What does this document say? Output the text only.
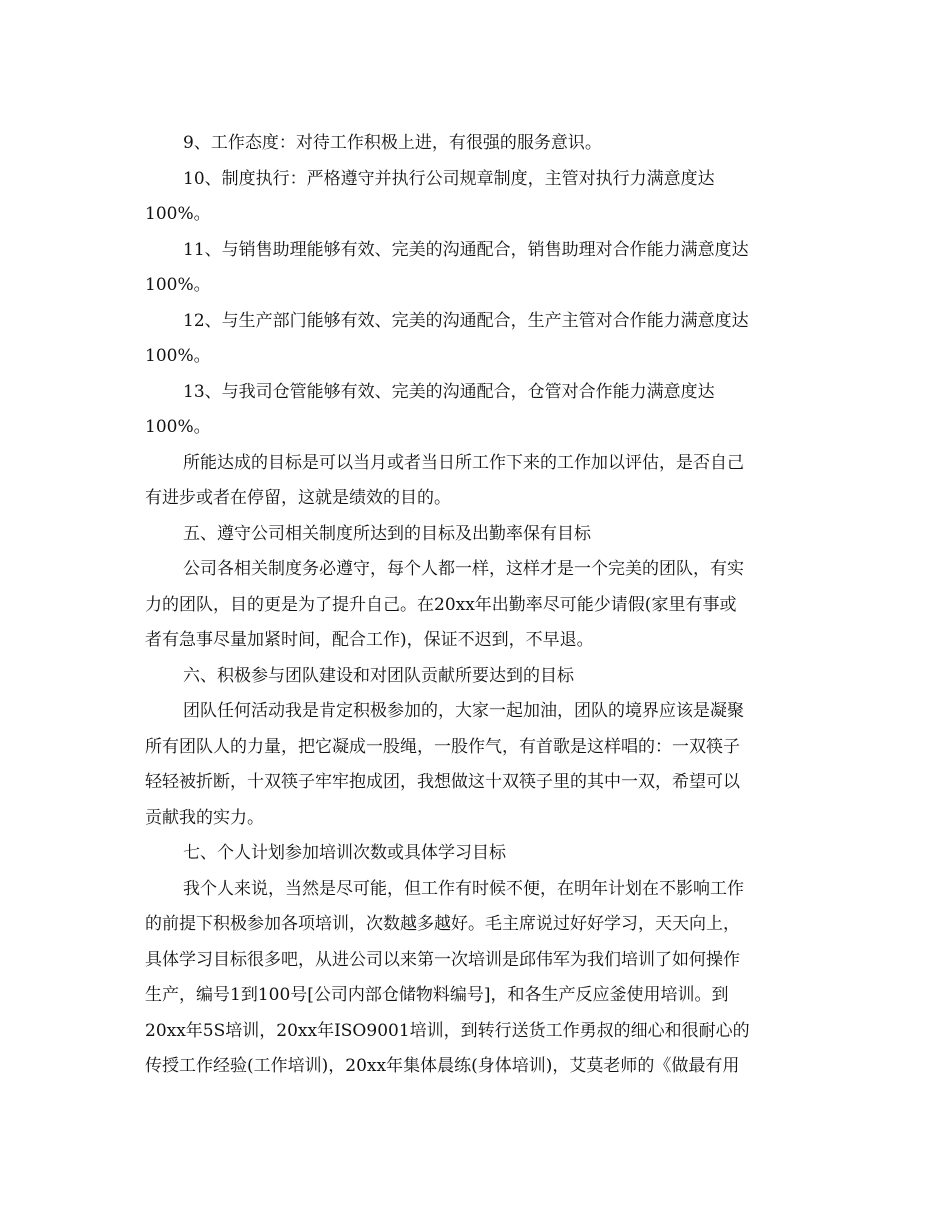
9、工作态度：对待工作积极上进，有很强的服务意识。
10、制度执行：严格遵守并执行公司规章制度，主管对执行力满意度达
100%。
11、与销售助理能够有效、完美的沟通配合，销售助理对合作能力满意度达
100%。
12、与生产部门能够有效、完美的沟通配合，生产主管对合作能力满意度达
100%。
13、与我司仓管能够有效、完美的沟通配合，仓管对合作能力满意度达
100%。
所能达成的目标是可以当月或者当日所工作下来的工作加以评估，是否自己
有进步或者在停留，这就是绩效的目的。
五、遵守公司相关制度所达到的目标及出勤率保有目标
公司各相关制度务必遵守，每个人都一样，这样才是一个完美的团队，有实
力的团队，目的更是为了提升自己。在20xx年出勤率尽可能少请假(家里有事或
者有急事尽量加紧时间，配合工作)，保证不迟到，不早退。
六、积极参与团队建设和对团队贡献所要达到的目标
团队任何活动我是肯定积极参加的，大家一起加油，团队的境界应该是凝聚
所有团队人的力量，把它凝成一股绳，一股作气，有首歌是这样唱的：一双筷子
轻轻被折断，十双筷子牢牢抱成团，我想做这十双筷子里的其中一双，希望可以
贡献我的实力。
七、个人计划参加培训次数或具体学习目标
我个人来说，当然是尽可能，但工作有时候不便，在明年计划在不影响工作
的前提下积极参加各项培训，次数越多越好。毛主席说过好好学习，天天向上，
具体学习目标很多吧，从进公司以来第一次培训是邱伟军为我们培训了如何操作
生产，编号1到100号[公司内部仓储物料编号]，和各生产反应釜使用培训。到
20xx年5S培训，20xx年ISO9001培训，到转行送货工作勇叔的细心和很耐心的
传授工作经验(工作培训)，20xx年集体晨练(身体培训)，艾莫老师的《做最有用
